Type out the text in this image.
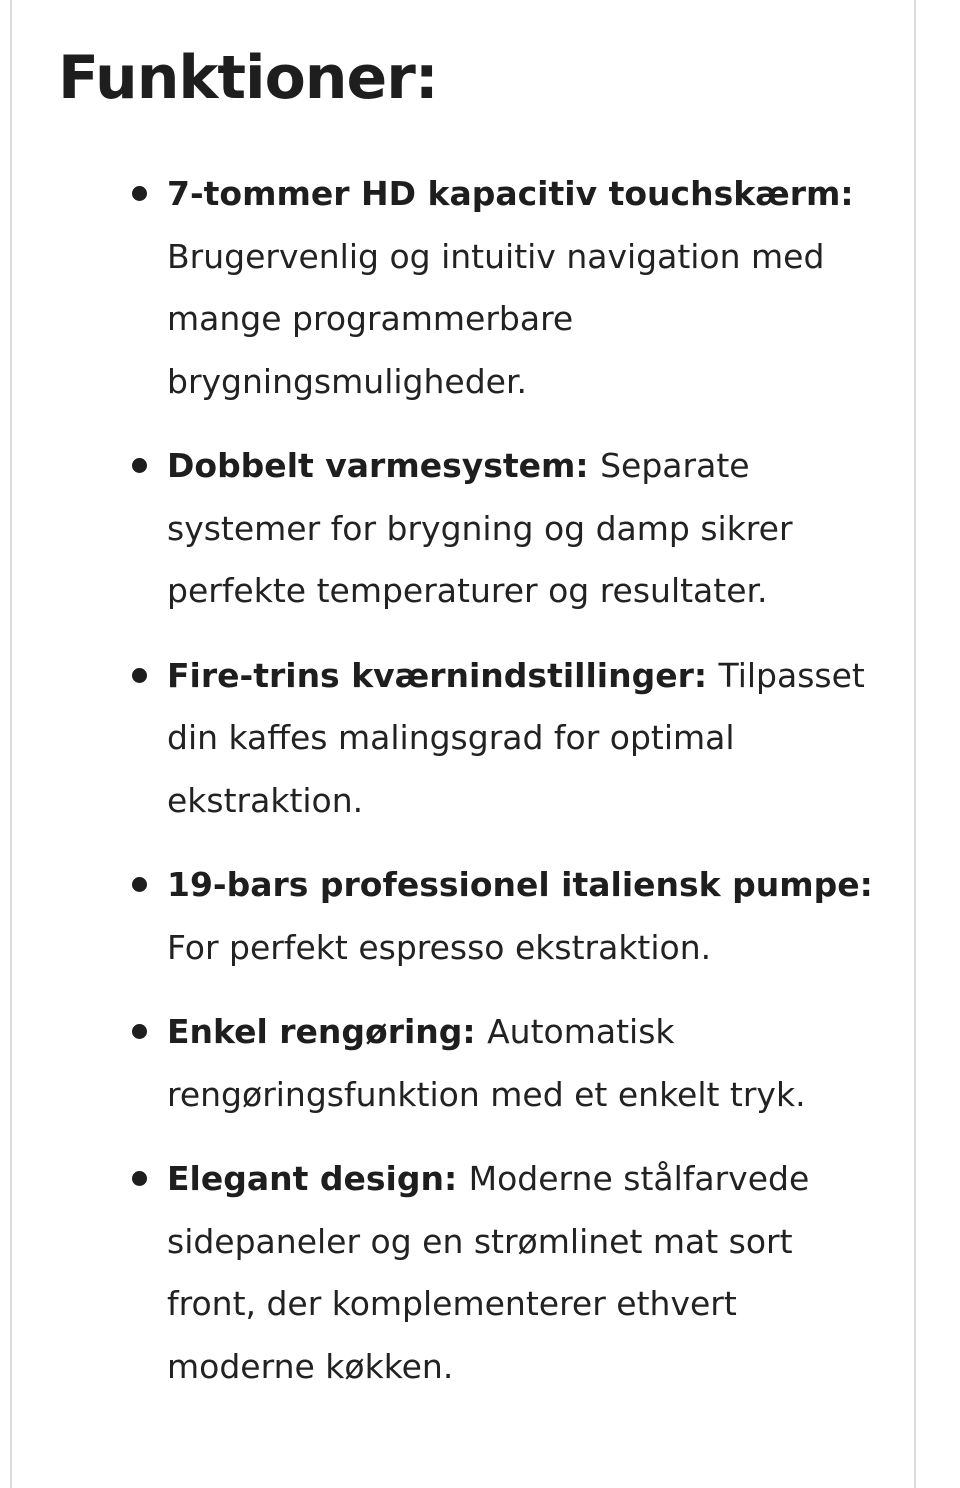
Funktioner:
7-tommer HD kapacitiv touchskærm: Brugervenlig og intuitiv navigation med mange programmerbare brygningsmuligheder.
Dobbelt varmesystem: Separate systemer for brygning og damp sikrer perfekte temperaturer og resultater.
Fire-trins kværnindstillinger: Tilpasset din kaffes malingsgrad for optimal ekstraktion.
19-bars professionel italiensk pumpe: For perfekt espresso ekstraktion.
Enkel rengøring: Automatisk rengøringsfunktion med et enkelt tryk.
Elegant design: Moderne stålfarvede sidepaneler og en strømlinet mat sort front, der komplementerer ethvert moderne køkken.
